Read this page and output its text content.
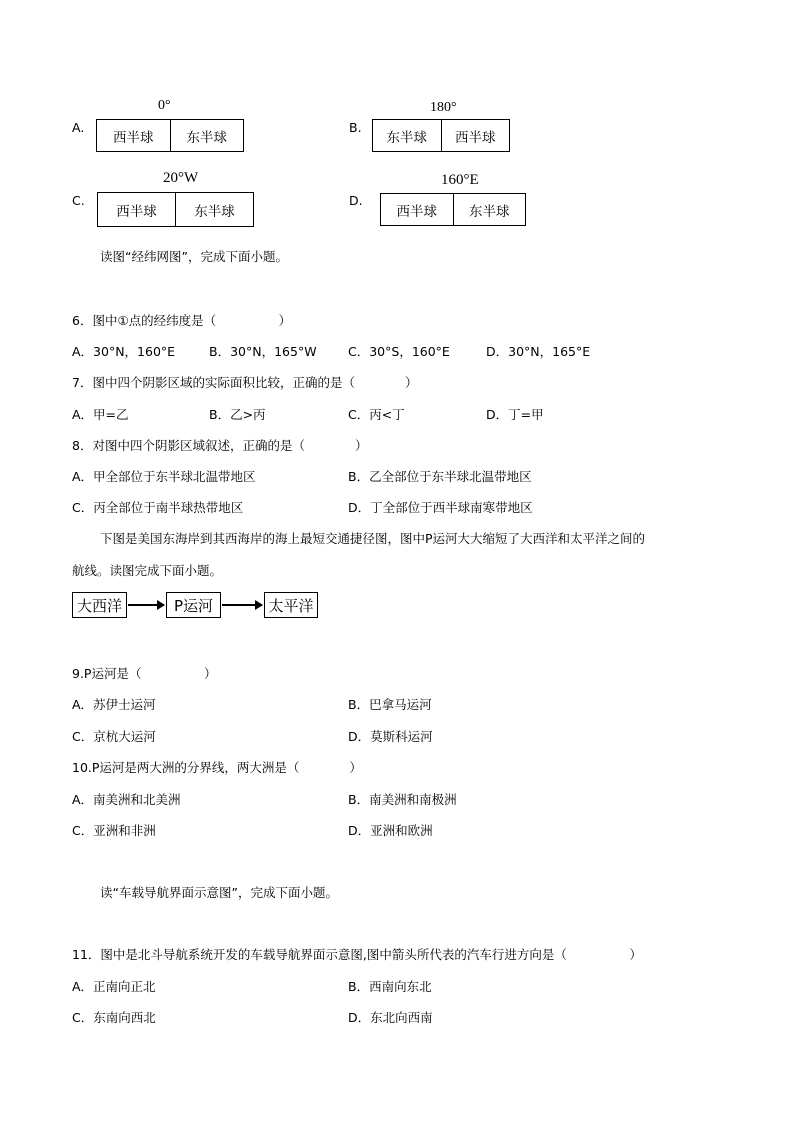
A.
0°
西半球	东半球
B.
180°
东半球	西半球
C.
20°W
西半球	东半球
D.
160°E
西半球	东半球
读图“经纬网图”，完成下面小题。
6．图中①点的经纬度是（　　　　　）
A．30°N，160°E	B．30°N，165°W	C．30°S，160°E	D．30°N，165°E
7．图中四个阴影区域的实际面积比较，正确的是（　　　　）
A．甲=乙	B．乙>丙	C．丙<丁	D．丁=甲
8．对图中四个阴影区域叙述，正确的是（　　　　）
A．甲全部位于东半球北温带地区	B．乙全部位于东半球北温带地区
C．丙全部位于南半球热带地区	D．丁全部位于西半球南寒带地区
下图是美国东海岸到其西海岸的海上最短交通捷径图，图中P运河大大缩短了大西洋和太平洋之间的
航线。读图完成下面小题。
大西洋	P运河	太平洋
9.P运河是（　　　　　）
A．苏伊士运河	B．巴拿马运河
C．京杭大运河	D．莫斯科运河
10.P运河是两大洲的分界线，两大洲是（　　　　）
A．南美洲和北美洲	B．南美洲和南极洲
C．亚洲和非洲	D．亚洲和欧洲
读“车载导航界面示意图”，完成下面小题。
11．图中是北斗导航系统开发的车载导航界面示意图,图中箭头所代表的汽车行进方向是（　　　　　）
A．正南向正北	B．西南向东北
C．东南向西北	D．东北向西南
